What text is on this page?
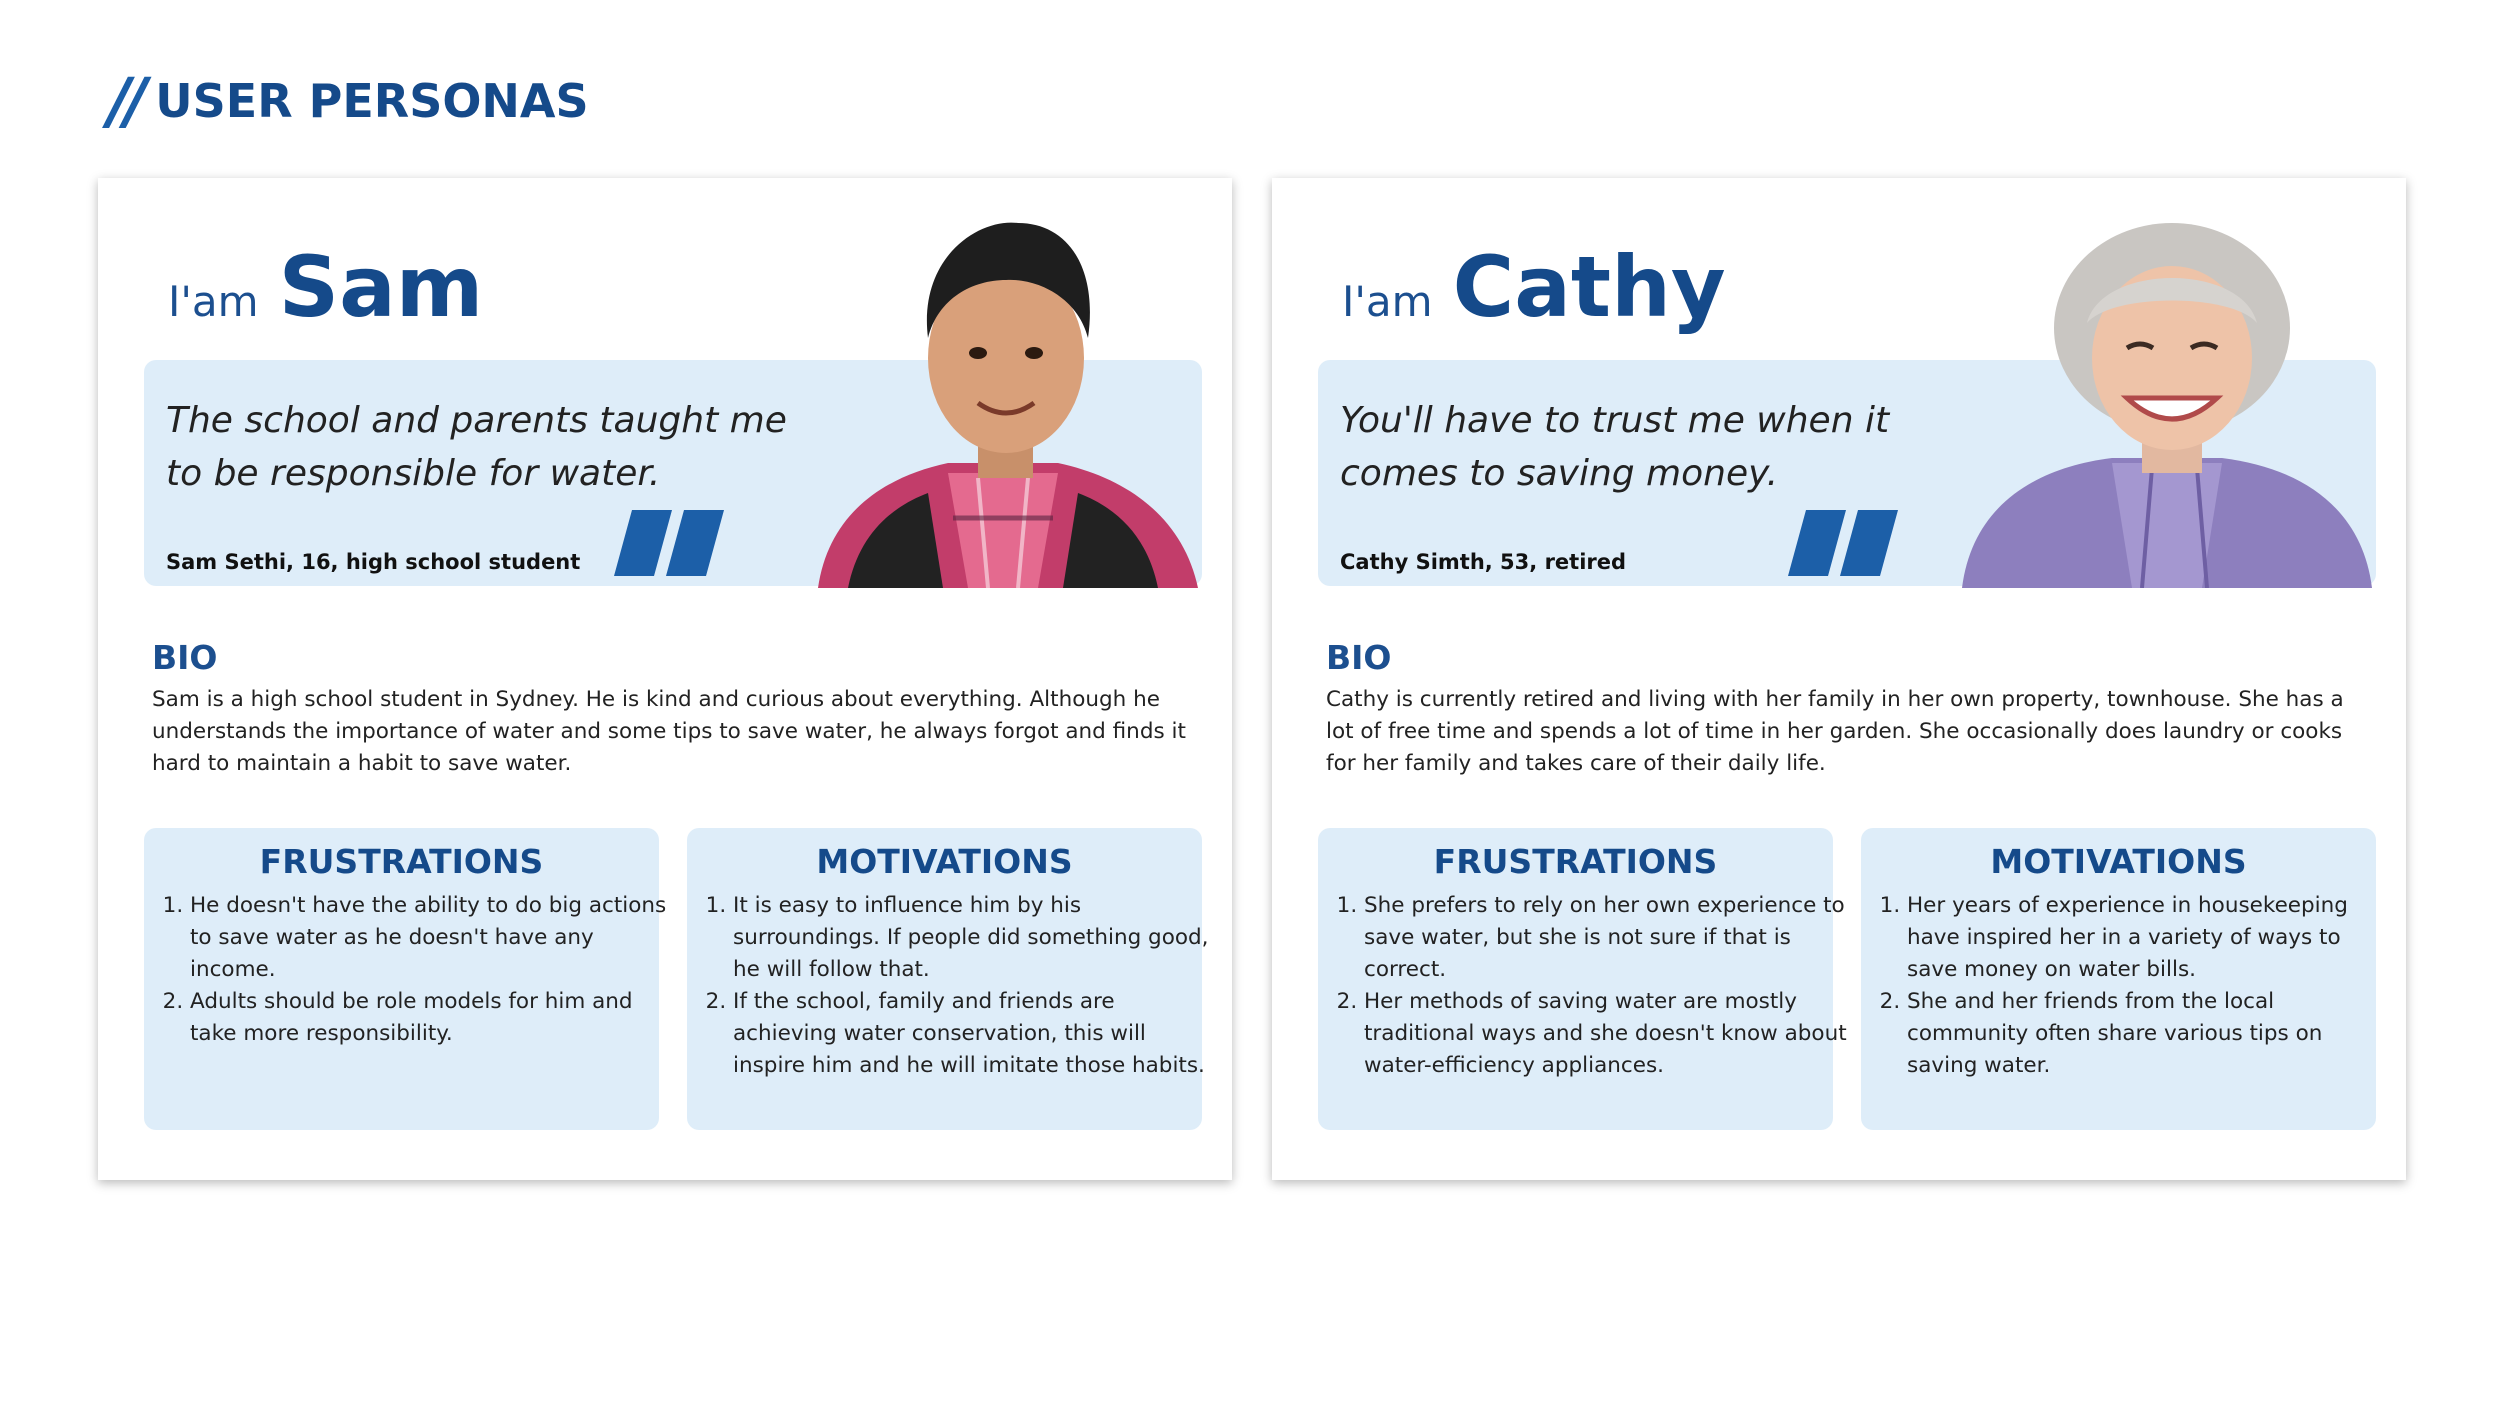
// USER PERSONAS
The school and parents taught me to be responsible for water.
Sam Sethi, 16, high school student
I'am Sam
BIO
Sam is a high school student in Sydney. He is kind and curious about everything. Although he understands the importance of water and some tips to save water, he always forgot and finds it hard to maintain a habit to save water.
FRUSTRATIONS
1. He doesn't have the ability to do big actions to save water as he doesn't have any income.
2. Adults should be role models for him and take more responsibility.
MOTIVATIONS
1. It is easy to influence him by his surroundings. If people did something good, he will follow that.
2. If the school, family and friends are achieving water conservation, this will inspire him and he will imitate those habits.
You'll have to trust me when it comes to saving money.
Cathy Simth, 53, retired
I'am Cathy
BIO
Cathy is currently retired and living with her family in her own property, townhouse. She has a lot of free time and spends a lot of time in her garden. She occasionally does laundry or cooks for her family and takes care of their daily life.
FRUSTRATIONS
1. She prefers to rely on her own experience to save water, but she is not sure if that is correct.
2. Her methods of saving water are mostly traditional ways and she doesn't know about water-efficiency appliances.
MOTIVATIONS
1. Her years of experience in housekeeping have inspired her in a variety of ways to save money on water bills.
2. She and her friends from the local community often share various tips on saving water.
